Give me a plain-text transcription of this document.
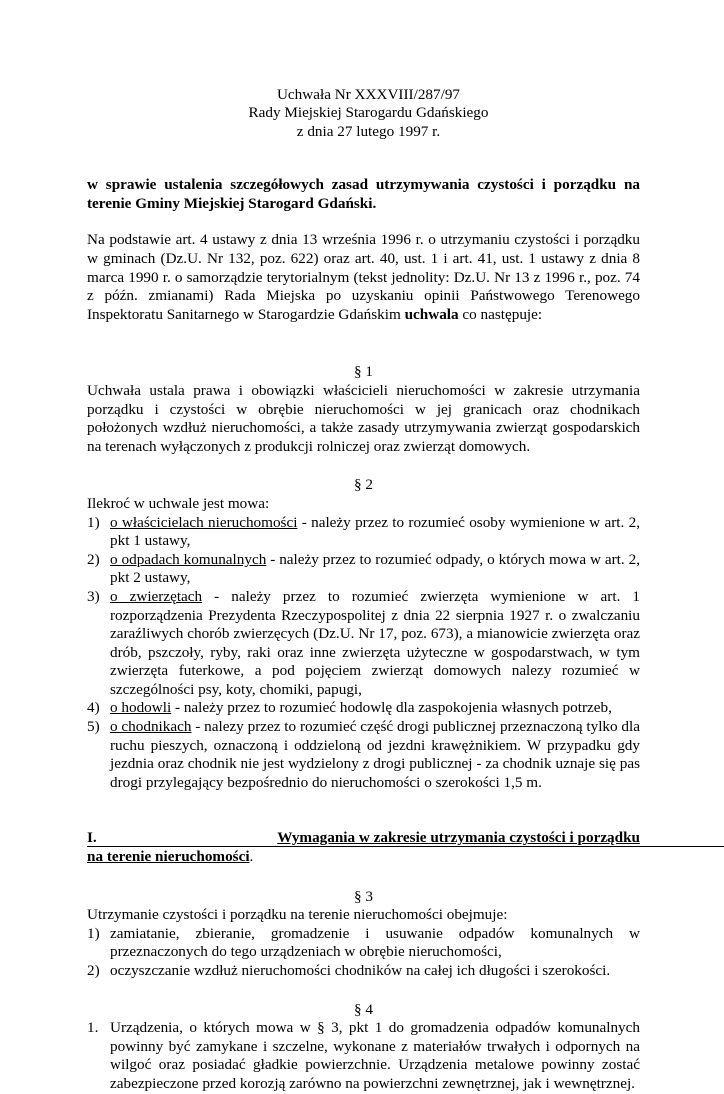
Uchwała Nr XXXVIII/287/97
Rady Miejskiej Starogardu Gdańskiego
z dnia 27 lutego 1997 r.
w sprawie ustalenia szczegółowych zasad utrzymywania czystości i porządku na terenie Gminy Miejskiej Starogard Gdański.
Na podstawie art. 4 ustawy z dnia 13 września 1996 r. o utrzymaniu czystości i porządku w gminach (Dz.U. Nr 132, poz. 622) oraz art. 40, ust. 1 i art. 41, ust. 1 ustawy z dnia 8 marca 1990 r. o samorządzie terytorialnym (tekst jednolity: Dz.U. Nr 13 z 1996 r., poz. 74 z późn. zmianami) Rada Miejska po uzyskaniu opinii Państwowego Terenowego Inspektoratu Sanitarnego w Starogardzie Gdańskim uchwala co następuje:
§ 1
Uchwała ustala prawa i obowiązki właścicieli nieruchomości w zakresie utrzymania porządku i czystości w obrębie nieruchomości w jej granicach oraz chodnikach położonych wzdłuż nieruchomości, a także zasady utrzymywania zwierząt gospodarskich na terenach wyłączonych z produkcji rolniczej oraz zwierząt domowych.
§ 2
Ilekroć w uchwale jest mowa:
1) o właścicielach nieruchomości - należy przez to rozumieć osoby wymienione w art. 2, pkt 1 ustawy,
2) o odpadach komunalnych - należy przez to rozumieć odpady, o których mowa w art. 2, pkt 2 ustawy,
3) o zwierzętach - należy przez to rozumieć zwierzęta wymienione w art. 1 rozporządzenia Prezydenta Rzeczypospolitej z dnia 22 sierpnia 1927 r. o zwalczaniu zaraźliwych chorób zwierzęcych (Dz.U. Nr 17, poz. 673), a mianowicie zwierzęta oraz drób, pszczoły, ryby, raki oraz inne zwierzęta użyteczne w gospodarstwach, w tym zwierzęta futerkowe, a pod pojęciem zwierząt domowych nalezy rozumieć w szczególności psy, koty, chomiki, papugi,
4) o hodowli - należy przez to rozumieć hodowlę dla zaspokojenia własnych potrzeb,
5) o chodnikach - nalezy przez to rozumieć część drogi publicznej przeznaczoną tylko dla ruchu pieszych, oznaczoną i oddzieloną od jezdni krawężnikiem. W przypadku gdy jezdnia oraz chodnik nie jest wydzielony z drogi publicznej - za chodnik uznaje się pas drogi przylegający bezpośrednio do nieruchomości o szerokości 1,5 m.
I.	Wymagania w zakresie utrzymania czystości i porządku
na terenie nieruchomości.
§ 3
Utrzymanie czystości i porządku na terenie nieruchomości obejmuje:
1) zamiatanie, zbieranie, gromadzenie i usuwanie odpadów komunalnych w przeznaczonych do tego urządzeniach w obrębie nieruchomości,
2) oczyszczanie wzdłuż nieruchomości chodników na całej ich długości i szerokości.
§ 4
1. Urządzenia, o których mowa w § 3, pkt 1 do gromadzenia odpadów komunalnych powinny być zamykane i szczelne, wykonane z materiałów trwałych i odpornych na wilgoć oraz posiadać gładkie powierzchnie. Urządzenia metalowe powinny zostać zabezpieczone przed korozją zarówno na powierzchni zewnętrznej, jak i wewnętrznej.
